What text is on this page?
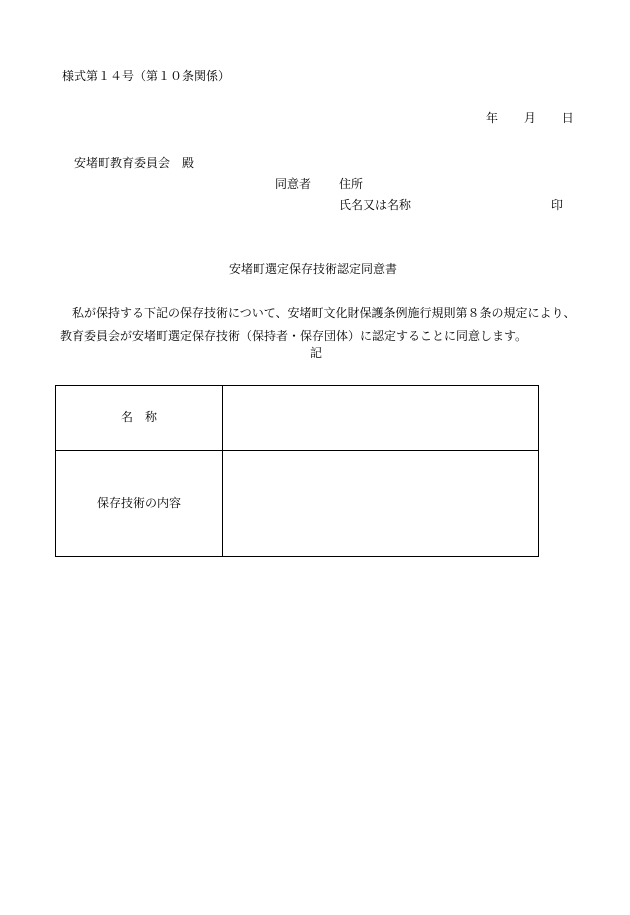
様式第１４号（第１０条関係）
年 月 日
安堵町教育委員会　殿
同意者 住所
氏名又は名称	印
安堵町選定保存技術認定同意書
私が保持する下記の保存技術について、安堵町文化財保護条例施行規則第８条の規定により、教育委員会が安堵町選定保存技術（保持者・保存団体）に認定することに同意します。
記
名　称	
保存技術の内容	
